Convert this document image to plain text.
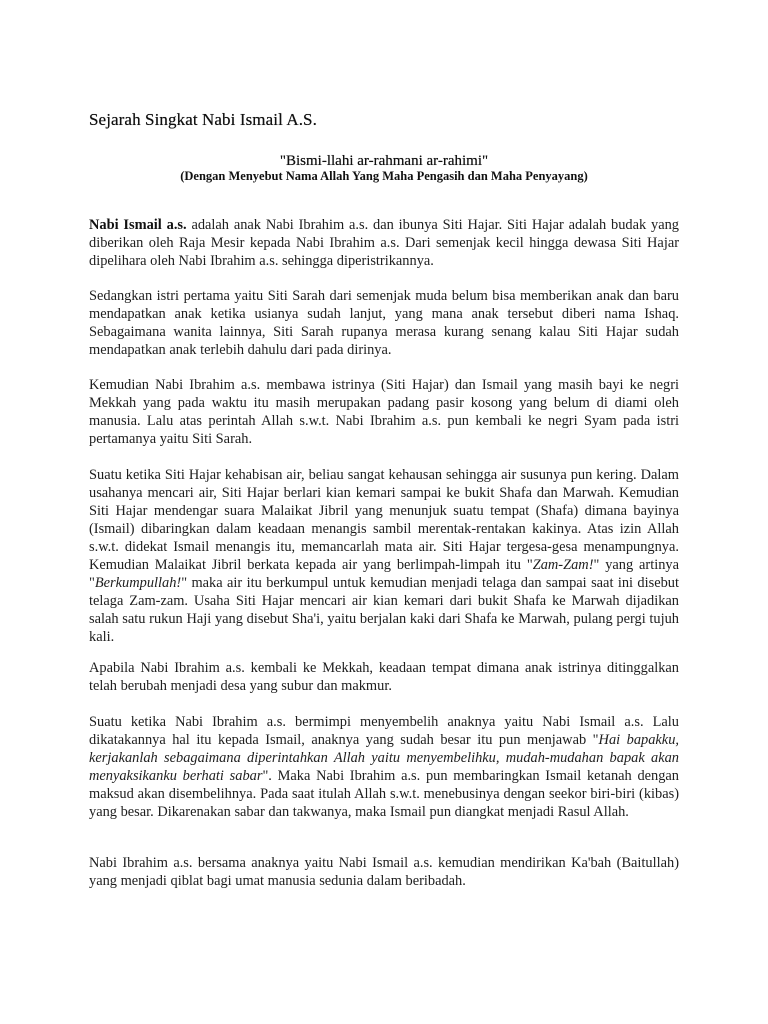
Sejarah Singkat Nabi Ismail A.S.
"Bismi-llahi ar-rahmani ar-rahimi"
(Dengan Menyebut Nama Allah Yang Maha Pengasih dan Maha Penyayang)

Nabi Ismail a.s. adalah anak Nabi Ibrahim a.s. dan ibunya Siti Hajar. Siti Hajar adalah budak yang diberikan oleh Raja Mesir kepada Nabi Ibrahim a.s. Dari semenjak kecil hingga dewasa Siti Hajar dipelihara oleh Nabi Ibrahim a.s. sehingga diperistrikannya.

Sedangkan istri pertama yaitu Siti Sarah dari semenjak muda belum bisa memberikan anak dan baru mendapatkan anak ketika usianya sudah lanjut, yang mana anak tersebut diberi nama Ishaq. Sebagaimana wanita lainnya, Siti Sarah rupanya merasa kurang senang kalau Siti Hajar sudah mendapatkan anak terlebih dahulu dari pada dirinya.

Kemudian Nabi Ibrahim a.s. membawa istrinya (Siti Hajar) dan Ismail yang masih bayi ke negri Mekkah yang pada waktu itu masih merupakan padang pasir kosong yang belum di diami oleh manusia. Lalu atas perintah Allah s.w.t. Nabi Ibrahim a.s. pun kembali ke negri Syam pada istri pertamanya yaitu Siti Sarah.

Suatu ketika Siti Hajar kehabisan air, beliau sangat kehausan sehingga air susunya pun kering. Dalam usahanya mencari air, Siti Hajar berlari kian kemari sampai ke bukit Shafa dan Marwah. Kemudian Siti Hajar mendengar suara Malaikat Jibril yang menunjuk suatu tempat (Shafa) dimana bayinya (Ismail) dibaringkan dalam keadaan menangis sambil merentak-rentakan kakinya. Atas izin Allah s.w.t. didekat Ismail menangis itu, memancarlah mata air. Siti Hajar tergesa-gesa menampungnya. Kemudian Malaikat Jibril berkata kepada air yang berlimpah-limpah itu "Zam-Zam!" yang artinya "Berkumpullah!" maka air itu berkumpul untuk kemudian menjadi telaga dan sampai saat ini disebut telaga Zam-zam. Usaha Siti Hajar mencari air kian kemari dari bukit Shafa ke Marwah dijadikan salah satu rukun Haji yang disebut Sha'i, yaitu berjalan kaki dari Shafa ke Marwah, pulang pergi tujuh kali.

Apabila Nabi Ibrahim a.s. kembali ke Mekkah, keadaan tempat dimana anak istrinya ditinggalkan telah berubah menjadi desa yang subur dan makmur.

Suatu ketika Nabi Ibrahim a.s. bermimpi menyembelih anaknya yaitu Nabi Ismail a.s. Lalu dikatakannya hal itu kepada Ismail, anaknya yang sudah besar itu pun menjawab "Hai bapakku, kerjakanlah sebagaimana diperintahkan Allah yaitu menyembelihku, mudah-mudahan bapak akan menyaksikanku berhati sabar". Maka Nabi Ibrahim a.s. pun membaringkan Ismail ketanah dengan maksud akan disembelihnya. Pada saat itulah Allah s.w.t. menebusinya dengan seekor biri-biri (kibas) yang besar. Dikarenakan sabar dan takwanya, maka Ismail pun diangkat menjadi Rasul Allah.

Nabi Ibrahim a.s. bersama anaknya yaitu Nabi Ismail a.s. kemudian mendirikan Ka'bah (Baitullah) yang menjadi qiblat bagi umat manusia sedunia dalam beribadah.
